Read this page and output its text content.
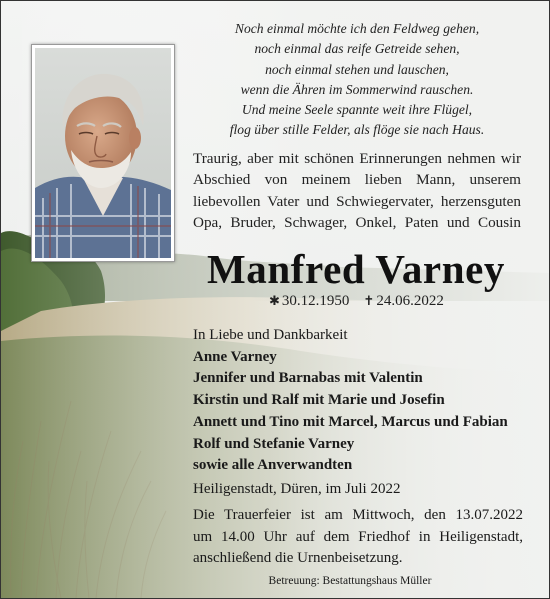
Noch einmal möchte ich den Feldweg gehen,
noch einmal das reife Getreide sehen,
noch einmal stehen und lauschen,
wenn die Ähren im Sommerwind rauschen.
Und meine Seele spannte weit ihre Flügel,
flog über stille Felder, als flöge sie nach Haus.
Traurig, aber mit schönen Erinnerungen nehmen wir
Abschied von meinem lieben Mann, unserem
liebevollen Vater und Schwiegervater, herzensguten
Opa, Bruder, Schwager, Onkel, Paten und Cousin
Manfred Varney
✱ 30.12.1950 ✝ 24.06.2022
In Liebe und Dankbarkeit
Anne Varney
Jennifer und Barnabas mit Valentin
Kirstin und Ralf mit Marie und Josefin
Annett und Tino mit Marcel, Marcus und Fabian
Rolf und Stefanie Varney
sowie alle Anverwandten
Heiligenstadt, Düren, im Juli 2022
Die Trauerfeier ist am Mittwoch, den 13.07.2022
um 14.00 Uhr auf dem Friedhof in Heiligenstadt,
anschließend die Urnenbeisetzung.
Betreuung: Bestattungshaus Müller
